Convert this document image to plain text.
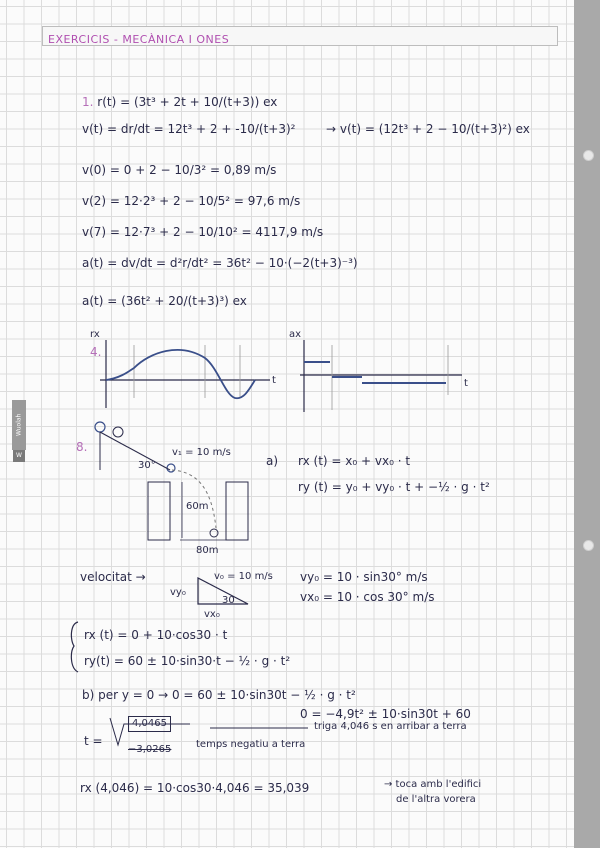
Wuolah
W
EXERCICIS - MECÀNICA I ONES
1. r(t) = (3t³ + 2t + 10/(t+3)) ex
v(t) = dr/dt = 12t³ + 2 + -10/(t+3)²	→ v(t) = (12t³ + 2 − 10/(t+3)²) ex
v(0) = 0 + 2 − 10/3² = 0,89 m/s
v(2) = 12·2³ + 2 − 10/5² = 97,6 m/s
v(7) = 12·7³ + 2 − 10/10² = 4117,9 m/s
a(t) = dv/dt = d²r/dt² = 36t² − 10·(−2(t+3)⁻³)
a(t) = (36t² + 20/(t+3)³) ex
4.
rx
t
ax
t
8.	v₁ = 10 m/s
30°
60m
80m
a) rx (t) = x₀ + vx₀ · t
ry (t) = y₀ + vy₀ · t + −½ · g · t²
velocitat →	v₀ = 10 m/s
vy₀
30
vx₀
vy₀ = 10 · sin30° m/s
vx₀ = 10 · cos 30° m/s
rx (t) = 0 + 10·cos30 · t
ry(t) = 60 ± 10·sin30·t − ½ · g · t²
b) per y = 0 → 0 = 60 ± 10·sin30t − ½ · g · t²
0 = −4,9t² ± 10·sin30t + 60
t =
4,0465
−3,0265 temps negatiu a terra
triga 4,046 s en arribar a terra
rx (4,046) = 10·cos30·4,046 = 35,039	→ toca amb l'edifici
de l'altra vorera
